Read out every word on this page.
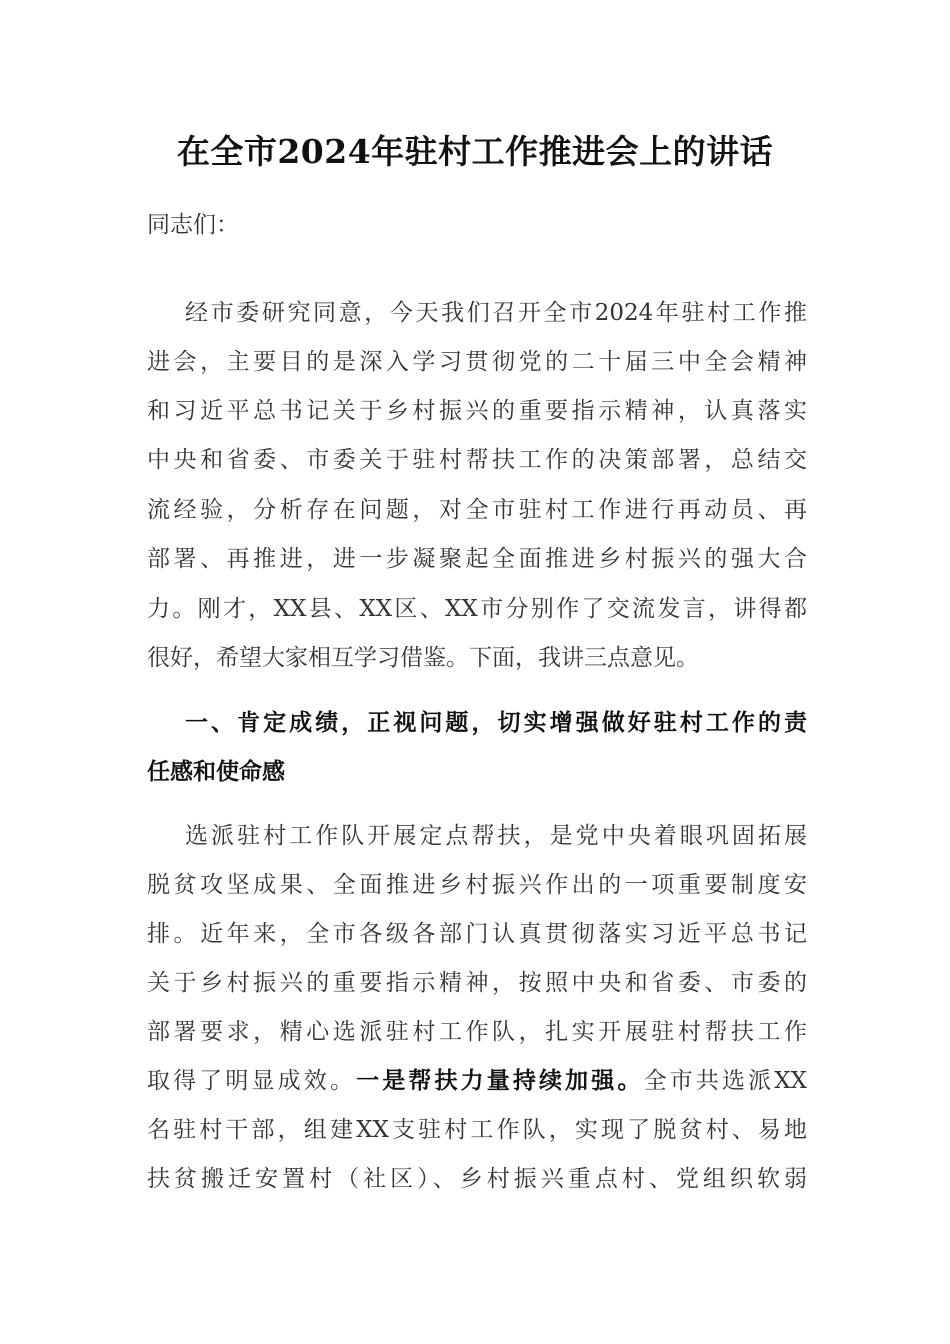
在全市2024年驻村工作推进会上的讲话
同志们：
经市委研究同意，今天我们召开全市2024年驻村工作推
进会，主要目的是深入学习贯彻党的二十届三中全会精神
和习近平总书记关于乡村振兴的重要指示精神，认真落实
中央和省委、市委关于驻村帮扶工作的决策部署，总结交
流经验，分析存在问题，对全市驻村工作进行再动员、再
部署、再推进，进一步凝聚起全面推进乡村振兴的强大合
力。刚才，XX县、XX区、XX市分别作了交流发言，讲得都
很好，希望大家相互学习借鉴。下面，我讲三点意见。
一、肯定成绩，正视问题，切实增强做好驻村工作的责
任感和使命感
选派驻村工作队开展定点帮扶，是党中央着眼巩固拓展
脱贫攻坚成果、全面推进乡村振兴作出的一项重要制度安
排。近年来，全市各级各部门认真贯彻落实习近平总书记
关于乡村振兴的重要指示精神，按照中央和省委、市委的
部署要求，精心选派驻村工作队，扎实开展驻村帮扶工作
取得了明显成效。一是帮扶力量持续加强。全市共选派XX
名驻村干部，组建XX支驻村工作队，实现了脱贫村、易地
扶贫搬迁安置村（社区）、乡村振兴重点村、党组织软弱
